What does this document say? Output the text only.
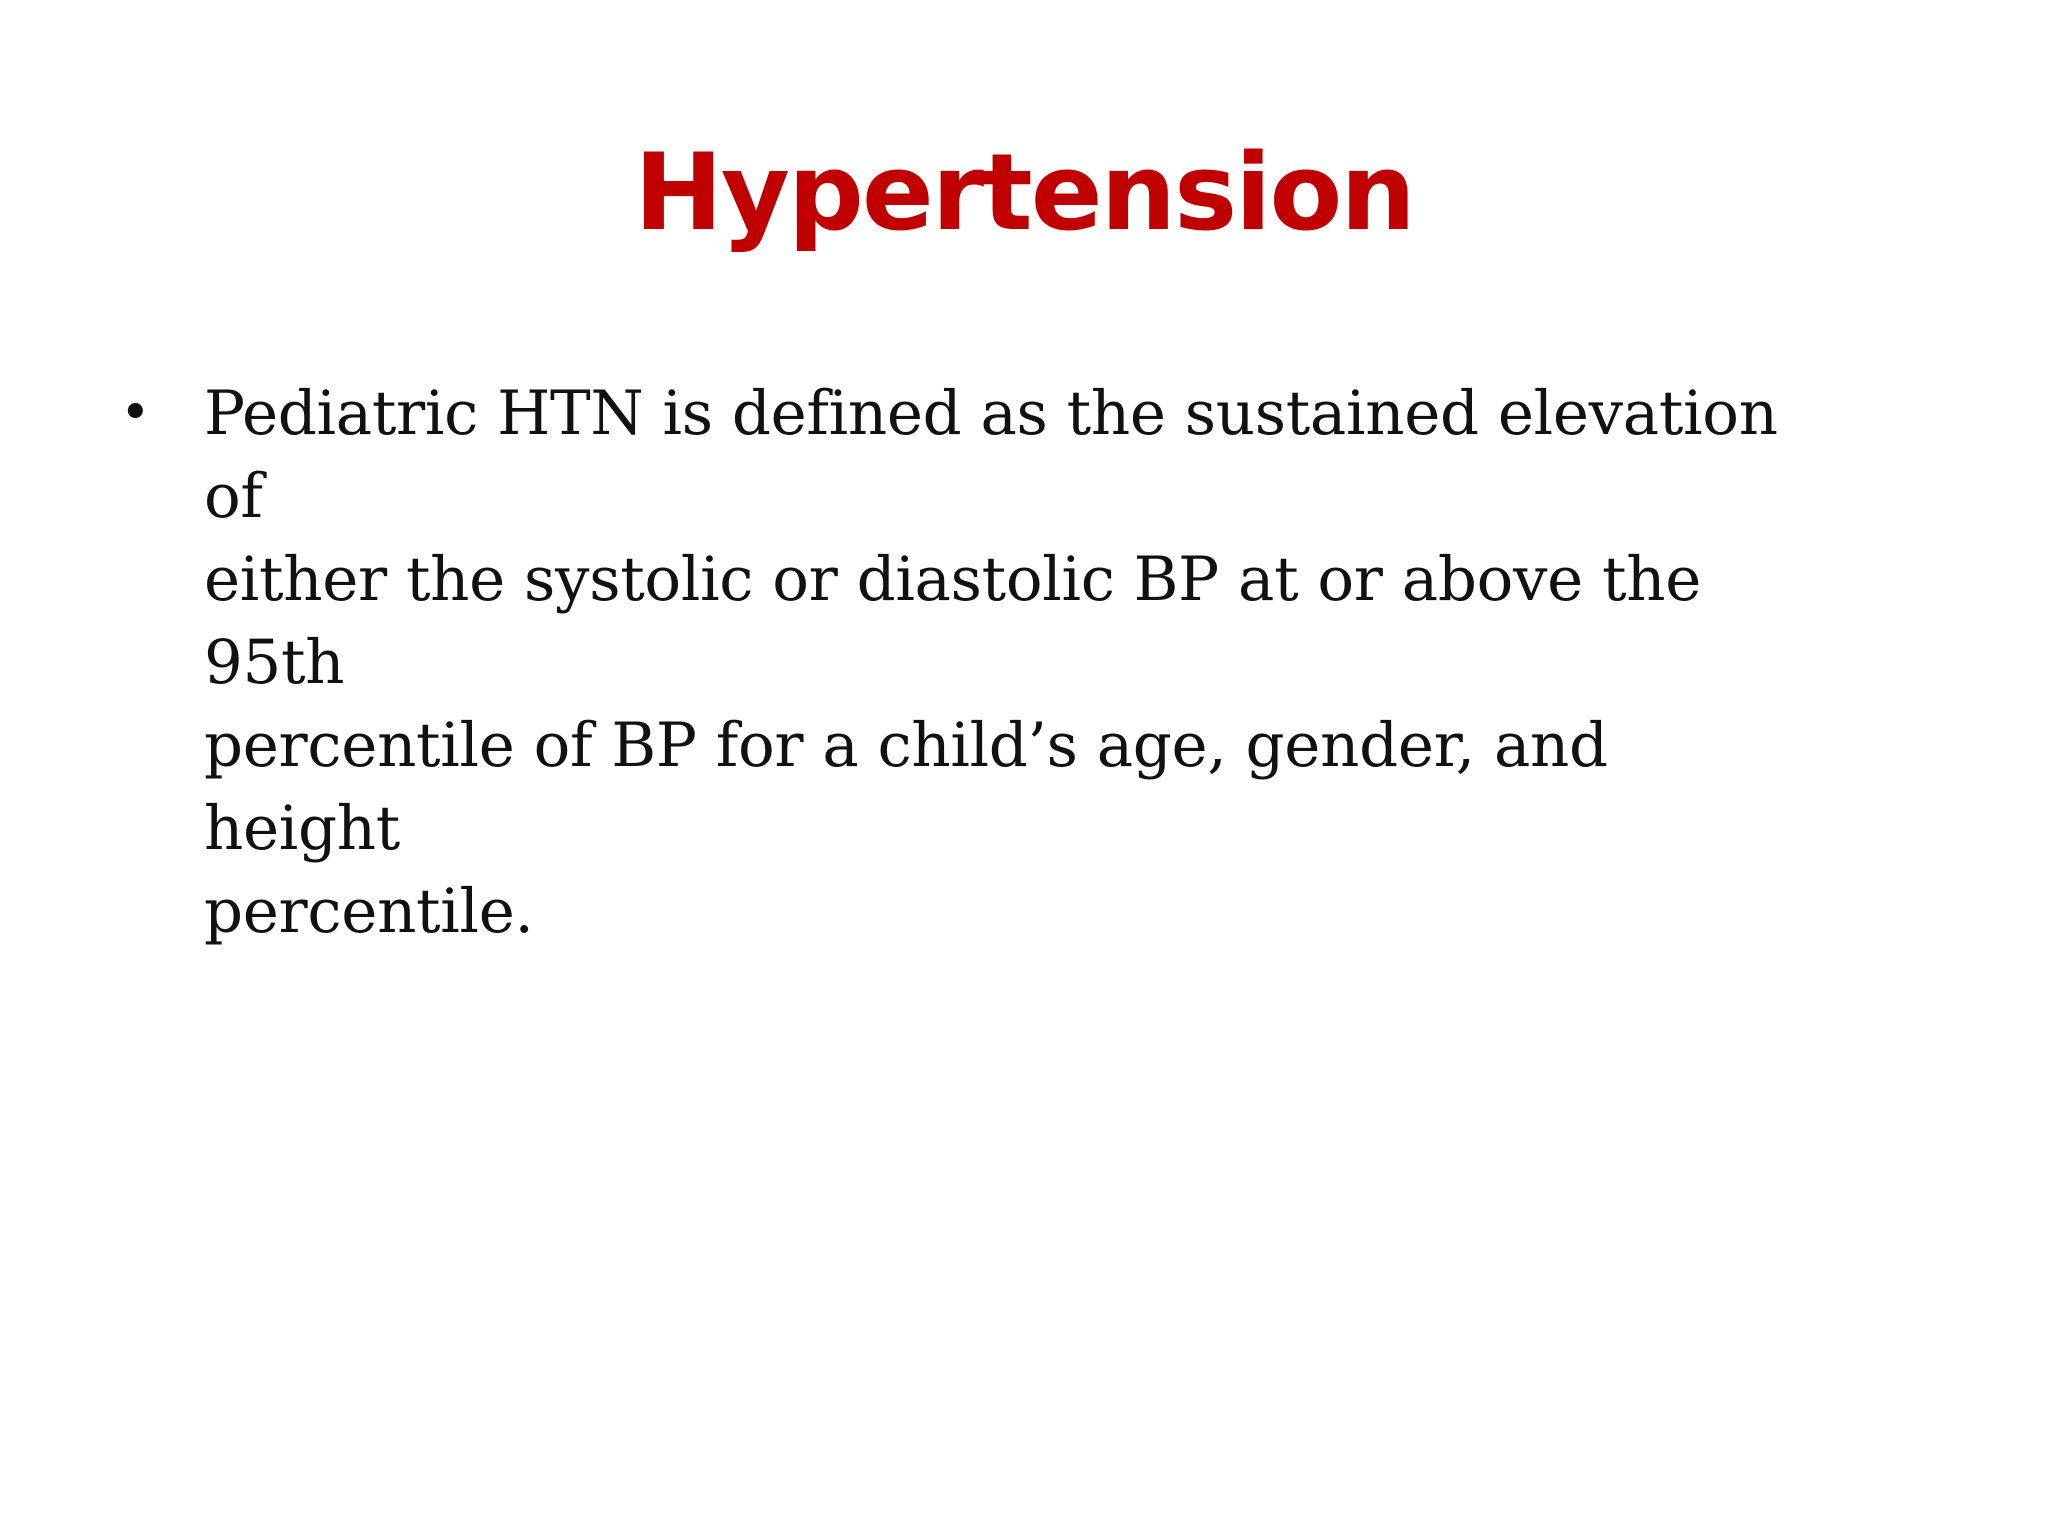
Hypertension
• Pediatric HTN is defined as the sustained elevation of
either the systolic or diastolic BP at or above the 95th
percentile of BP for a child’s age, gender, and height
percentile.
